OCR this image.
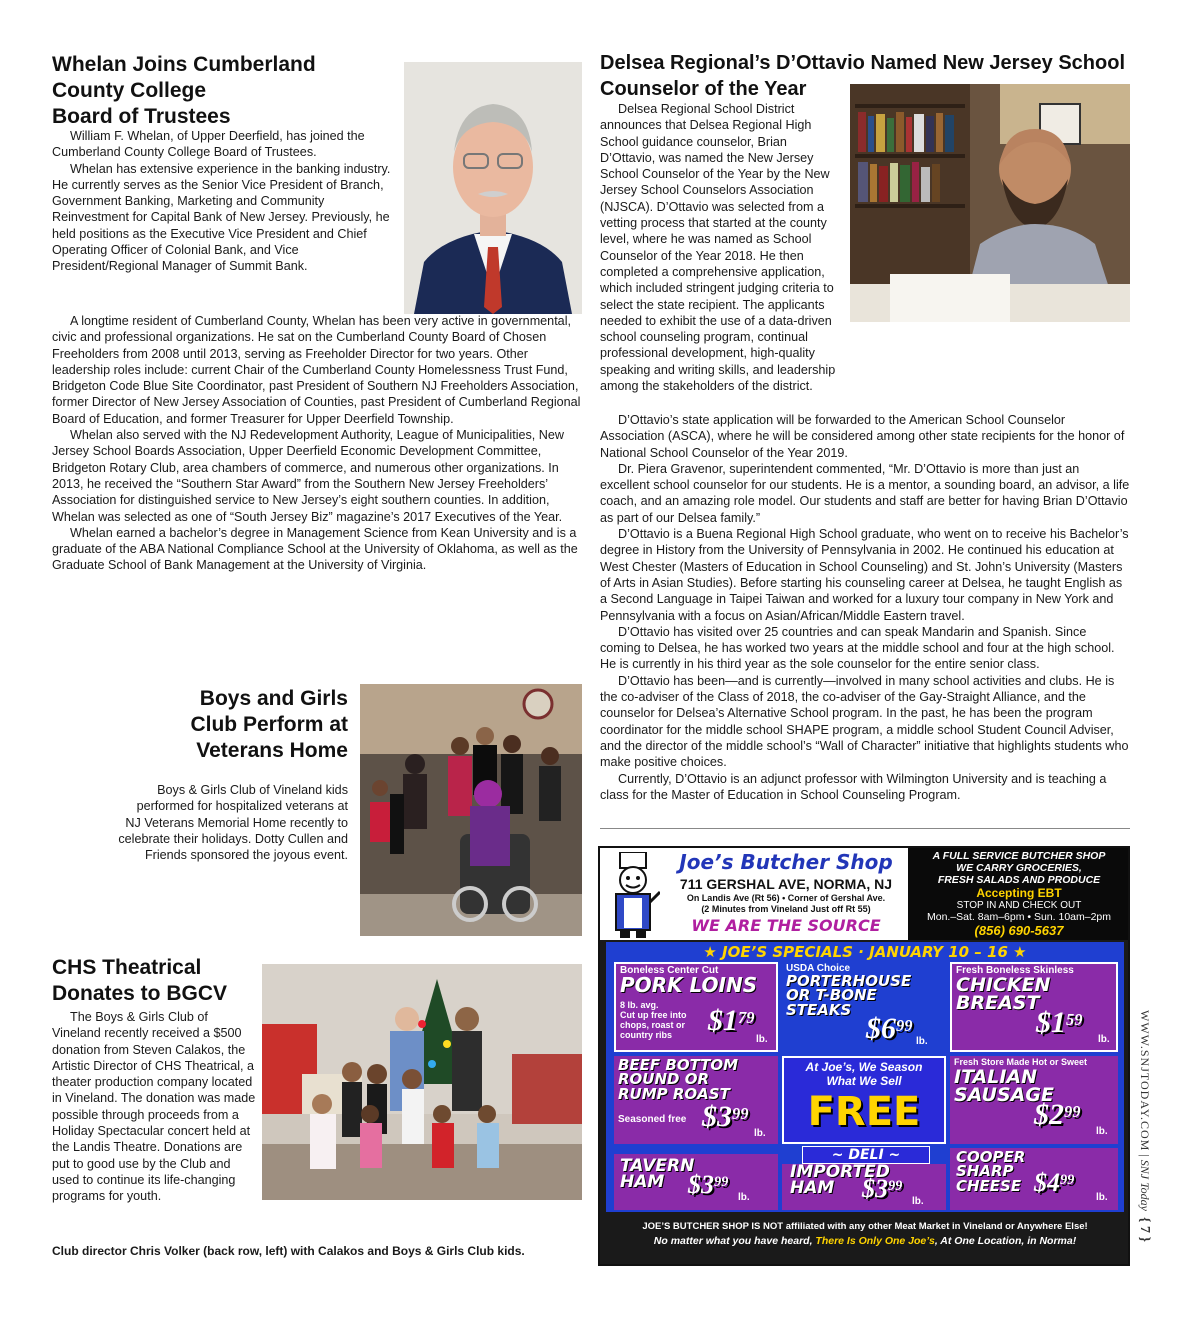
Whelan Joins Cumberland
County College
Board of Trustees

William F. Whelan, of Upper Deerfield, has joined the Cumberland County College Board of Trustees.

Whelan has extensive experience in the banking industry. He currently serves as the Senior Vice President of Branch, Government Banking, Marketing and Community Reinvestment for Capital Bank of New Jersey. Previously, he held positions as the Executive Vice President and Chief Operating Officer of Colonial Bank, and Vice President/Regional Manager of Summit Bank.

A longtime resident of Cumberland County, Whelan has been very active in governmental, civic and professional organizations. He sat on the Cumberland County Board of Chosen Freeholders from 2008 until 2013, serving as Freeholder Director for two years. Other leadership roles include: current Chair of the Cumberland County Homelessness Trust Fund, Bridgeton Code Blue Site Coordinator, past President of Southern NJ Freeholders Association, former Director of New Jersey Association of Counties, past President of Cumberland Regional Board of Education, and former Treasurer for Upper Deerfield Township.

Whelan also served with the NJ Redevelopment Authority, League of Municipalities, New Jersey School Boards Association, Upper Deerfield Economic Development Committee, Bridgeton Rotary Club, area chambers of commerce, and numerous other organizations. In 2013, he received the “Southern Star Award” from the Southern New Jersey Freeholders’ Association for distinguished service to New Jersey’s eight southern counties. In addition, Whelan was selected as one of “South Jersey Biz” magazine’s 2017 Executives of the Year.

Whelan earned a bachelor’s degree in Management Science from Kean University and is a graduate of the ABA National Compliance School at the University of Oklahoma, as well as the Graduate School of Bank Management at the University of Virginia.

Boys and Girls
Club Perform at
Veterans Home

Boys & Girls Club of Vineland kids performed for hospitalized veterans at NJ Veterans Memorial Home recently to celebrate their holidays. Dotty Cullen and Friends sponsored the joyous event.

CHS Theatrical
Donates to BGCV

The Boys & Girls Club of Vineland recently received a $500 donation from Steven Calakos, the Artistic Director of CHS Theatrical, a theater production company located in Vineland. The donation was made possible through proceeds from a Holiday Spectacular concert held at the Landis Theatre. Donations are put to good use by the Club and used to continue its life-changing programs for youth.

Club director Chris Volker (back row, left) with Calakos and Boys & Girls Club kids.

Delsea Regional’s D’Ottavio Named New Jersey School
Counselor of the Year

Delsea Regional School District announces that Delsea Regional High School guidance counselor, Brian D’Ottavio, was named the New Jersey School Counselor of the Year by the New Jersey School Counselors Association (NJSCA). D’Ottavio was selected from a vetting process that started at the county level, where he was named as School Counselor of the Year 2018. He then completed a comprehensive application, which included stringent judging criteria to select the state recipient. The applicants needed to exhibit the use of a data-driven school counseling program, continual professional development, high-quality speaking and writing skills, and leadership among the stakeholders of the district.

D’Ottavio’s state application will be forwarded to the American School Counselor Association (ASCA), where he will be considered among other state recipients for the honor of National School Counselor of the Year 2019.

Dr. Piera Gravenor, superintendent commented, “Mr. D’Ottavio is more than just an excellent school counselor for our students. He is a mentor, a sounding board, an advisor, a life coach, and an amazing role model. Our students and staff are better for having Brian D’Ottavio as part of our Delsea family.”

D’Ottavio is a Buena Regional High School graduate, who went on to receive his Bachelor’s degree in History from the University of Pennsylvania in 2002. He continued his education at West Chester (Masters of Education in School Counseling) and St. John’s University (Masters of Arts in Asian Studies). Before starting his counseling career at Delsea, he taught English as a Second Language in Taipei Taiwan and worked for a luxury tour company in New York and Pennsylvania with a focus on Asian/African/Middle Eastern travel.

D’Ottavio has visited over 25 countries and can speak Mandarin and Spanish. Since coming to Delsea, he has worked two years at the middle school and four at the high school. He is currently in his third year as the sole counselor for the entire senior class.

D’Ottavio has been—and is currently—involved in many school activities and clubs. He is the co-adviser of the Class of 2018, the co-adviser of the Gay-Straight Alliance, and the counselor for Delsea’s Alternative School program. In the past, he has been the program coordinator for the middle school SHAPE program, a middle school Student Council Adviser, and the director of the middle school’s “Wall of Character” initiative that highlights students who make positive choices.

Currently, D’Ottavio is an adjunct professor with Wilmington University and is teaching a class for the Master of Education in School Counseling Program.

Joe’s Butcher Shop
711 GERSHAL AVE, NORMA, NJ
On Landis Ave (Rt 56) • Corner of Gershal Ave.
(2 Minutes from Vineland Just off Rt 55)
WE ARE THE SOURCE
A FULL SERVICE BUTCHER SHOP
WE CARRY GROCERIES,
FRESH SALADS AND PRODUCE
Accepting EBT
STOP IN AND CHECK OUT
Mon.–Sat. 8am–6pm • Sun. 10am–2pm
(856) 690-5637
★ JOE’S SPECIALS · JANUARY 10 – 16 ★
Boneless Center Cut
PORK LOINS
8 lb. avg.
Cut up free into
chops, roast or
country ribs	$\$1^{79}$
lb.
USDA Choice
PORTERHOUSE
OR T-BONE
STEAKS
$\$6^{99}$
lb.
Fresh Boneless Skinless
CHICKEN
BREAST
$\$1^{59}$
lb.
BEEF BOTTOM
ROUND OR
RUMP ROAST
Seasoned free $\$3^{99}$
lb.
At Joe’s, We Season
What We Sell
FREE
Fresh Store Made Hot or Sweet
ITALIAN
SAUSAGE
$\$2^{99}$
lb.
~ DELI ~
TAVERN
HAM $\$3^{99}$
lb.
IMPORTED
HAM	$\$3^{99}$
lb.
COOPER
SHARP
CHEESE $\$4^{99}$
lb.
JOE’S BUTCHER SHOP IS NOT affiliated with any other Meat Market in Vineland or Anywhere Else!
No matter what you have heard, There Is Only One Joe’s, At One Location, in Norma!
WWW.SNJTODAY.COM | SNJ Today  { 7 }
